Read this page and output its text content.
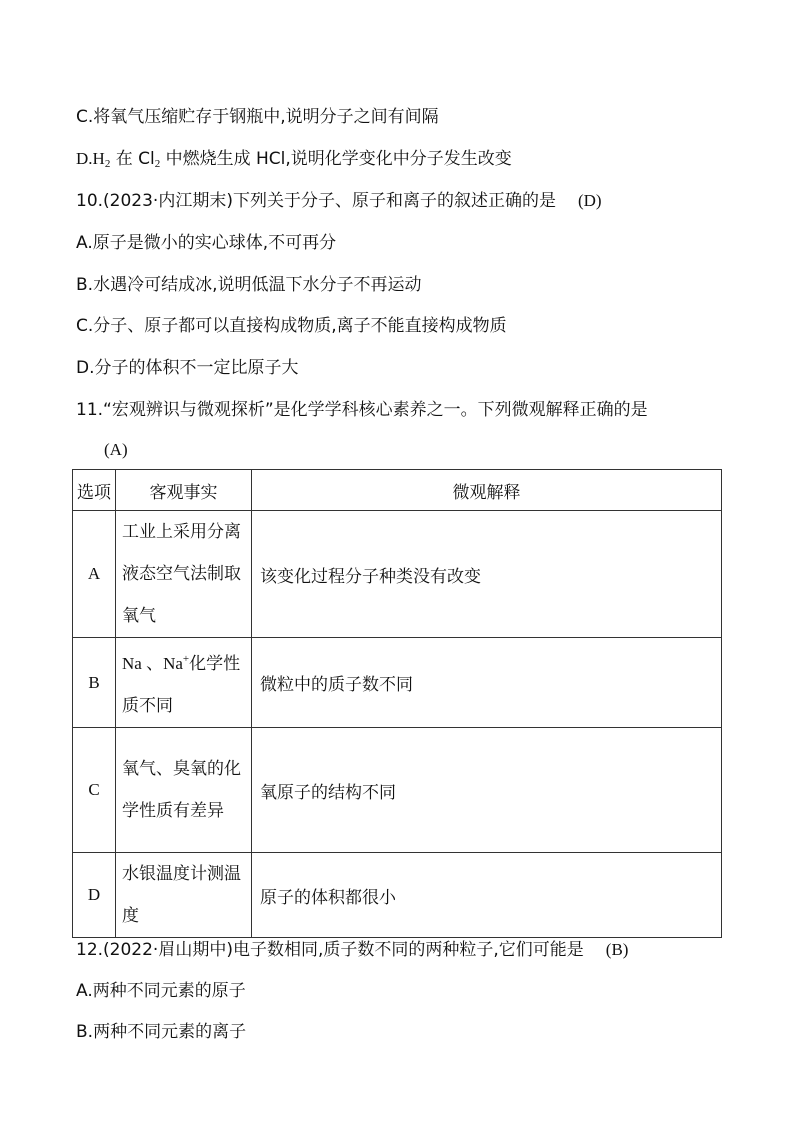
C.将氧气压缩贮存于钢瓶中,说明分子之间有间隔
$D.H_2$ 在 $Cl_2$ 中燃烧生成 HCl,说明化学变化中分子发生改变
10.(2023·内江期末)下列关于分子、原子和离子的叙述正确的是 (D)
A.原子是微小的实心球体,不可再分
B.水遇冷可结成冰,说明低温下水分子不再运动
C.分子、原子都可以直接构成物质,离子不能直接构成物质
D.分子的体积不一定比原子大
11.“宏观辨识与微观探析”是化学学科核心素养之一。下列微观解释正确的是
(A)
选项	客观事实	微观解释
A	工业上采用分离液态空气法制取氧气	该变化过程分子种类没有改变
B	Na 、Na+化学性质不同	微粒中的质子数不同
C	氧气、臭氧的化学性质有差异	氧原子的结构不同
D	水银温度计测温度	原子的体积都很小
12.(2022·眉山期中)电子数相同,质子数不同的两种粒子,它们可能是 (B)
A.两种不同元素的原子
B.两种不同元素的离子
